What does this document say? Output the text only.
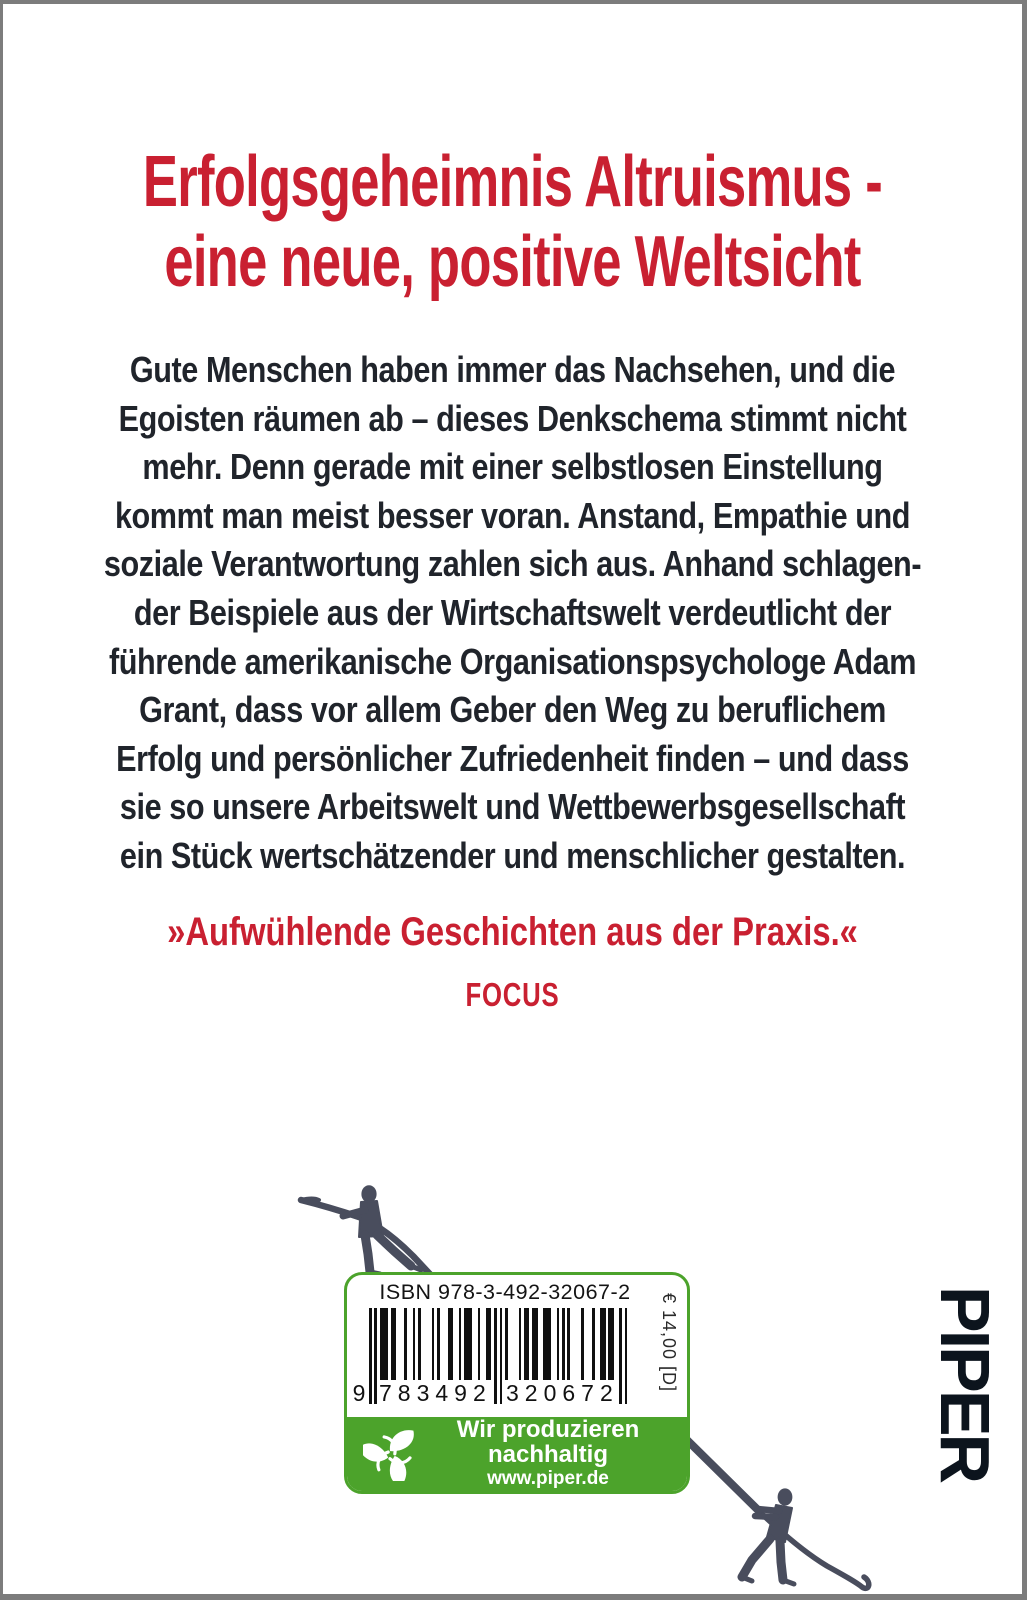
Erfolgsgeheimnis Altruismus -
eine neue, positive Weltsicht
Gute Menschen haben immer das Nachsehen, und die
Egoisten räumen ab – dieses Denkschema stimmt nicht
mehr. Denn gerade mit einer selbstlosen Einstellung
kommt man meist besser voran. Anstand, Empathie und
soziale Verantwortung zahlen sich aus. Anhand schlagen-
der Beispiele aus der Wirtschaftswelt verdeutlicht der
führende amerikanische Organisationspsychologe Adam
Grant, dass vor allem Geber den Weg zu beruflichem
Erfolg und persönlicher Zufriedenheit finden – und dass
sie so unsere Arbeitswelt und Wettbewerbsgesellschaft
ein Stück wertschätzender und menschlicher gestalten.
»Aufwühlende Geschichten aus der Praxis.«
FOCUS
ISBN 978-3-492-32067-2
9 783492 320672
€ 14,00 [D]
Wir produzieren
nachhaltig
www.piper.de	PIPER
